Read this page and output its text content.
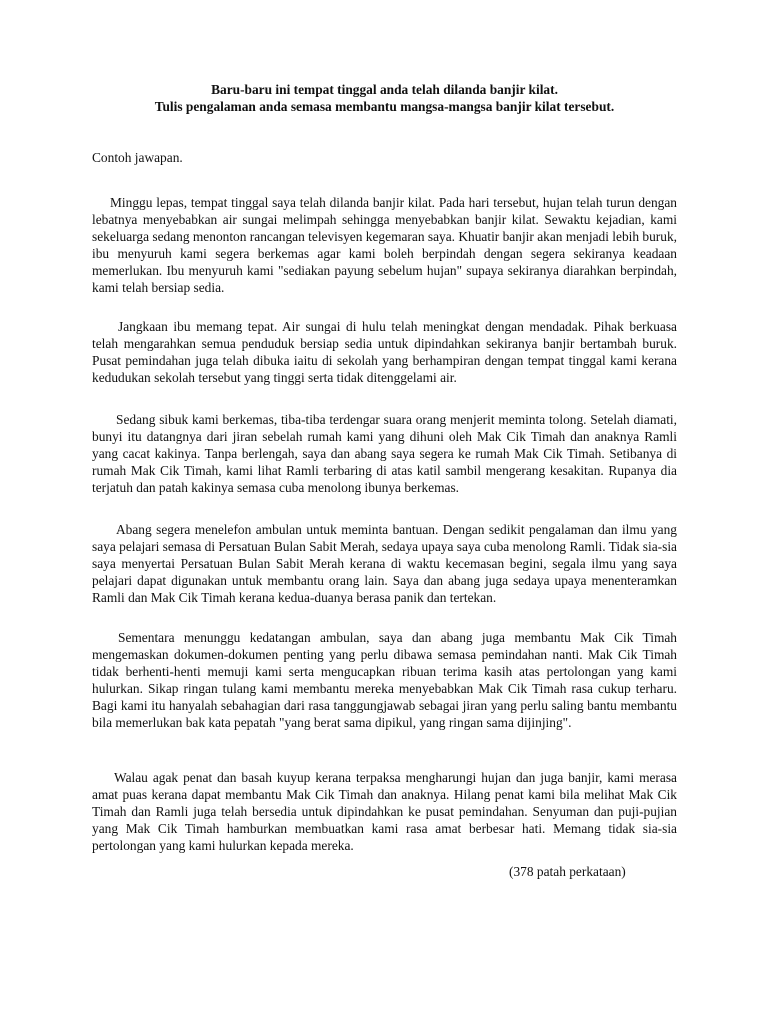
Baru-baru ini tempat tinggal anda telah dilanda banjir kilat.
Tulis pengalaman anda semasa membantu mangsa-mangsa banjir kilat tersebut.
Contoh jawapan.

Minggu lepas, tempat tinggal saya telah dilanda banjir kilat. Pada hari tersebut, hujan telah turun dengan lebatnya menyebabkan air sungai melimpah sehingga menyebabkan banjir kilat. Sewaktu kejadian, kami sekeluarga sedang menonton rancangan televisyen kegemaran saya. Khuatir banjir akan menjadi lebih buruk, ibu menyuruh kami segera berkemas agar kami boleh berpindah dengan segera sekiranya keadaan memerlukan. Ibu menyuruh kami "sediakan payung sebelum hujan" supaya sekiranya diarahkan berpindah, kami telah bersiap sedia.

Jangkaan ibu memang tepat. Air sungai di hulu telah meningkat dengan mendadak. Pihak berkuasa telah mengarahkan semua penduduk bersiap sedia untuk dipindahkan sekiranya banjir bertambah buruk. Pusat pemindahan juga telah dibuka iaitu di sekolah yang berhampiran dengan tempat tinggal kami kerana kedudukan sekolah tersebut yang tinggi serta tidak ditenggelami air.

Sedang sibuk kami berkemas, tiba-tiba terdengar suara orang menjerit meminta tolong. Setelah diamati, bunyi itu datangnya dari jiran sebelah rumah kami yang dihuni oleh Mak Cik Timah dan anaknya Ramli yang cacat kakinya. Tanpa berlengah, saya dan abang saya segera ke rumah Mak Cik Timah. Setibanya di rumah Mak Cik Timah, kami lihat Ramli terbaring di atas katil sambil mengerang kesakitan. Rupanya dia terjatuh dan patah kakinya semasa cuba menolong ibunya berkemas.

Abang segera menelefon ambulan untuk meminta bantuan. Dengan sedikit pengalaman dan ilmu yang saya pelajari semasa di Persatuan Bulan Sabit Merah, sedaya upaya saya cuba menolong Ramli. Tidak sia-sia saya menyertai Persatuan Bulan Sabit Merah kerana di waktu kecemasan begini, segala ilmu yang saya pelajari dapat digunakan untuk membantu orang lain. Saya dan abang juga sedaya upaya menenteramkan Ramli dan Mak Cik Timah kerana kedua-duanya berasa panik dan tertekan.

Sementara menunggu kedatangan ambulan, saya dan abang juga membantu Mak Cik Timah mengemaskan dokumen-dokumen penting yang perlu dibawa semasa pemindahan nanti. Mak Cik Timah tidak berhenti-henti memuji kami serta mengucapkan ribuan terima kasih atas pertolongan yang kami hulurkan. Sikap ringan tulang kami membantu mereka menyebabkan Mak Cik Timah rasa cukup terharu. Bagi kami itu hanyalah sebahagian dari rasa tanggungjawab sebagai jiran yang perlu saling bantu membantu bila memerlukan bak kata pepatah "yang berat sama dipikul, yang ringan sama dijinjing".

Walau agak penat dan basah kuyup kerana terpaksa mengharungi hujan dan juga banjir, kami merasa amat puas kerana dapat membantu Mak Cik Timah dan anaknya. Hilang penat kami bila melihat Mak Cik Timah dan Ramli juga telah bersedia untuk dipindahkan ke pusat pemindahan. Senyuman dan puji-pujian yang Mak Cik Timah hamburkan membuatkan kami rasa amat berbesar hati. Memang tidak sia-sia pertolongan yang kami hulurkan kepada mereka.

(378 patah perkataan)
